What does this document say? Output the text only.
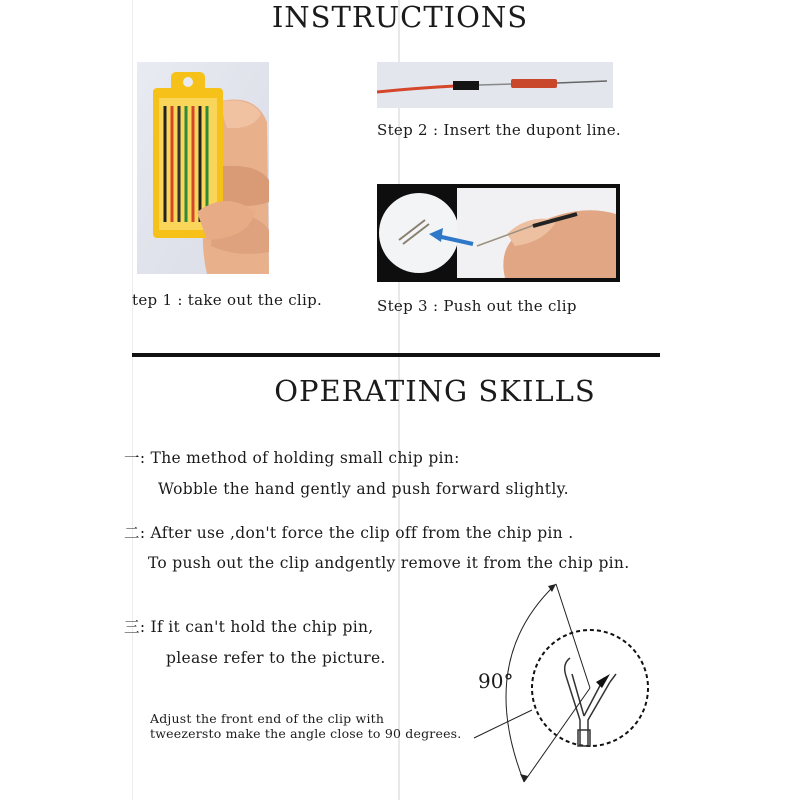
INSTRUCTIONS
tep 1 : take out the clip.
Step 2 : Insert the dupont line.
Step 3 : Push out the clip
OPERATING SKILLS
一: The method of holding small chip pin:
Wobble the hand gently and push forward slightly.
二: After use ,don't force the clip off from the chip pin .
To push out the clip andgently remove it from the chip pin.
三: If it can't hold the chip pin,
please refer to the picture.
Adjust the front end of the clip with
tweezersto make the angle close to 90 degrees.
90°
